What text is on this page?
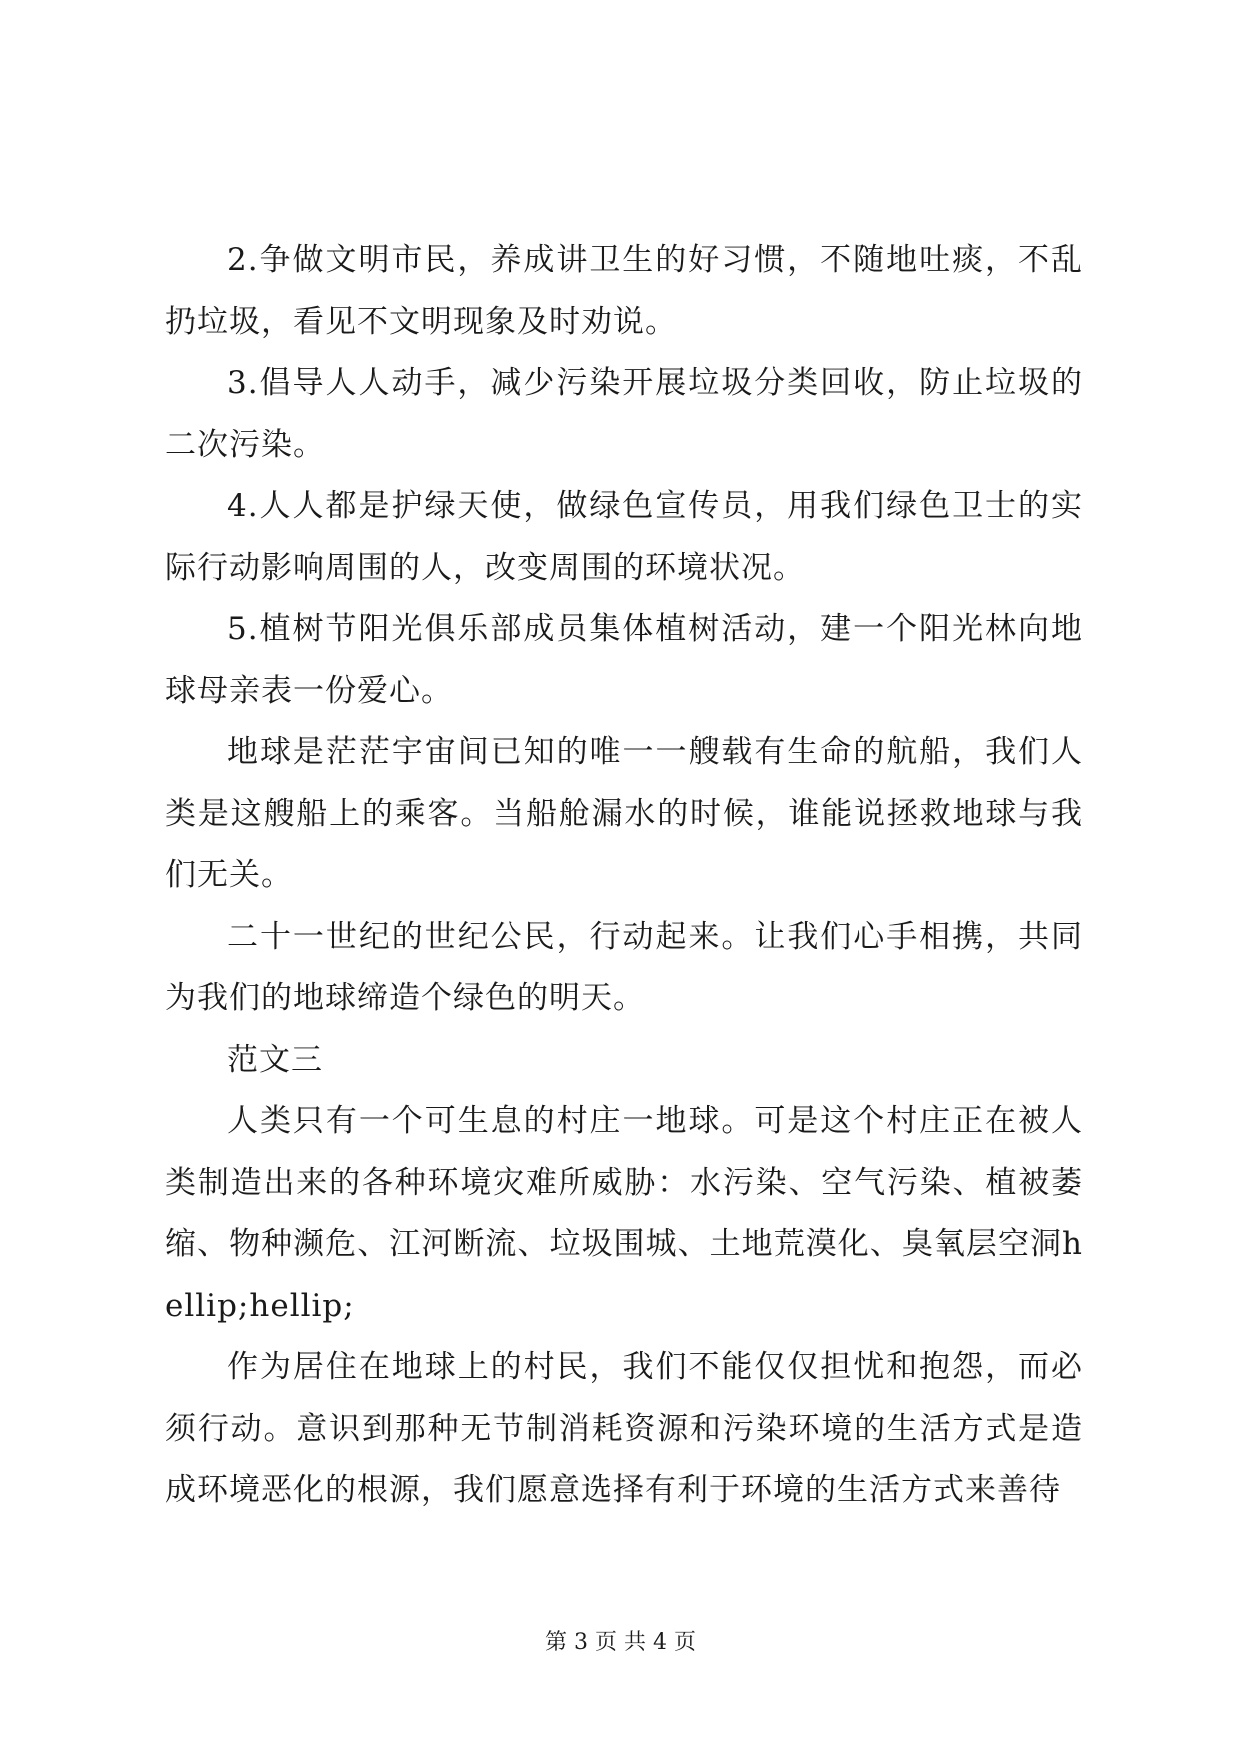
2.争做文明市民，养成讲卫生的好习惯，不随地吐痰，不乱扔垃圾，看见不文明现象及时劝说。

3.倡导人人动手，减少污染开展垃圾分类回收，防止垃圾的二次污染。

4.人人都是护绿天使，做绿色宣传员，用我们绿色卫士的实际行动影响周围的人，改变周围的环境状况。

5.植树节阳光俱乐部成员集体植树活动，建一个阳光林向地球母亲表一份爱心。

地球是茫茫宇宙间已知的唯一一艘载有生命的航船，我们人类是这艘船上的乘客。当船舱漏水的时候，谁能说拯救地球与我们无关。

二十一世纪的世纪公民，行动起来。让我们心手相携，共同为我们的地球缔造个绿色的明天。

范文三

人类只有一个可生息的村庄一地球。可是这个村庄正在被人类制造出来的各种环境灾难所威胁：水污染、空气污染、植被萎缩、物种濒危、江河断流、垃圾围城、土地荒漠化、臭氧层空洞hellip;hellip;

作为居住在地球上的村民，我们不能仅仅担忧和抱怨，而必须行动。意识到那种无节制消耗资源和污染环境的生活方式是造成环境恶化的根源，我们愿意选择有利于环境的生活方式来善待

第 3 页 共 4 页
